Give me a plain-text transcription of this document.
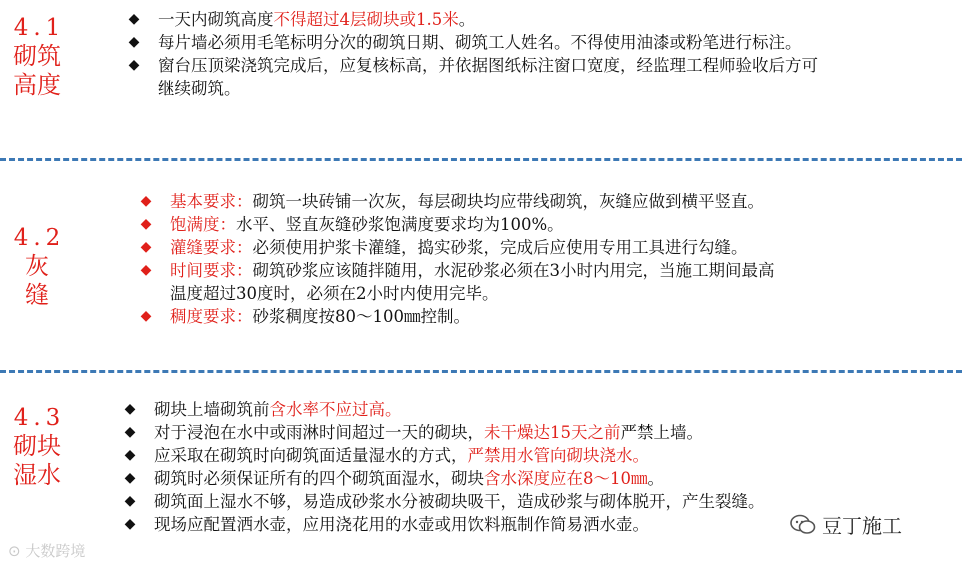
4.1
砌筑
高度
◆ 一天内砌筑高度不得超过4层砌块或1.5米。
◆ 每片墙必须用毛笔标明分次的砌筑日期、砌筑工人姓名。不得使用油漆或粉笔进行标注。
◆ 窗台压顶梁浇筑完成后，应复核标高，并依据图纸标注窗口宽度，经监理工程师验收后方可
继续砌筑。
4.2
灰
缝
◆ 基本要求：砌筑一块砖铺一次灰，每层砌块均应带线砌筑，灰缝应做到横平竖直。
◆ 饱满度：水平、竖直灰缝砂浆饱满度要求均为100%。
◆ 灌缝要求：必须使用护浆卡灌缝，捣实砂浆，完成后应使用专用工具进行勾缝。
◆ 时间要求：砌筑砂浆应该随拌随用，水泥砂浆必须在3小时内用完，当施工期间最高
温度超过30度时，必须在2小时内使用完毕。
◆ 稠度要求：砂浆稠度按80～100㎜控制。
4.3
砌块
湿水
◆ 砌块上墙砌筑前含水率不应过高。
◆ 对于浸泡在水中或雨淋时间超过一天的砌块，未干燥达15天之前严禁上墙。
◆ 应采取在砌筑时向砌筑面适量湿水的方式，严禁用水管向砌块浇水。
◆ 砌筑时必须保证所有的四个砌筑面湿水，砌块含水深度应在8～10㎜。
◆ 砌筑面上湿水不够，易造成砂浆水分被砌块吸干，造成砂浆与砌体脱开，产生裂缝。
◆ 现场应配置洒水壶，应用浇花用的水壶或用饮料瓶制作简易洒水壶。
⊙ 大数跨境
豆丁施工
